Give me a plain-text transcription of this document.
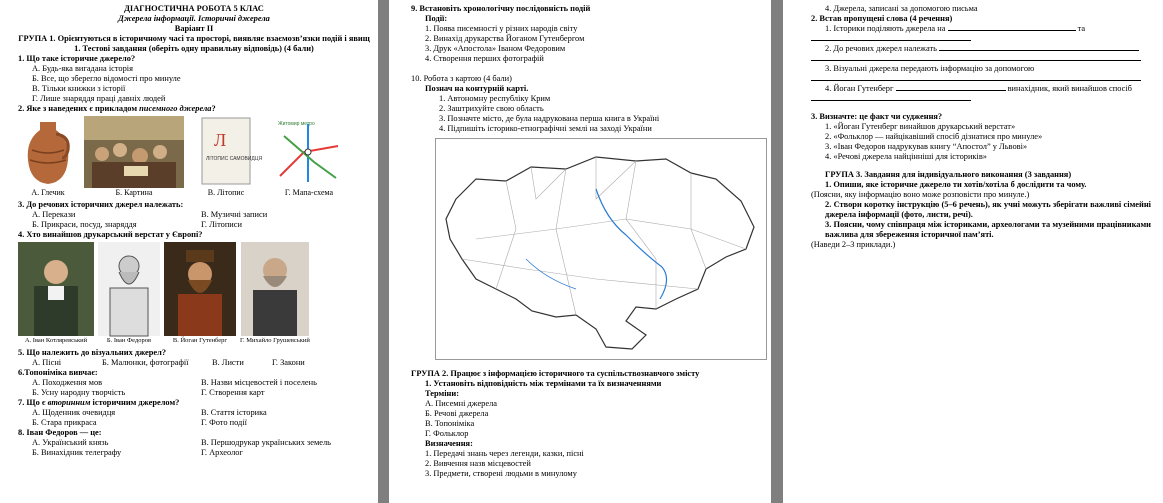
ДІАГНОСТИЧНА РОБОТА 5 КЛАС
Джерела інформації. Історичні джерела
Варіант ІІ
ГРУПА 1. Орієнтуються в історичному часі та просторі, виявляє взаємозв’язки подій і явищ
1. Тестові завдання (оберіть одну правильну відповідь) (4 бали)
1. Що таке історичне джерело?
А. Будь-яка вигадана історія
Б. Все, що зберегло відомості про минуле
В. Тільки книжки з історії
Г. Лише знаряддя праці давніх людей
2. Яке з наведених є прикладом писемного джерела?
А. Глечик	Б. Картина
Л
ЛІТОПИС САМОВИДЦЯ
В. Літопис
Житомир метро
Г. Мапа-схема
3. До речових історичних джерел належать:
А. Перекази	В. Музичні записи
Б. Прикраси, посуд, знаряддя	Г. Літописи
4. Хто винайшов друкарський верстат у Європі?
А. Іван Котляревський	Б. Іван Федоров	В. Йоган Гутенберг Г. Михайло Грушевський
5. Що належить до візуальних джерел?
А. Пісні	Б. Малюнки, фотографії	В. Листи	Г. Закони
6.Топоніміка вивчає:
А. Походження мов	В. Назви місцевостей і поселень
Б. Усну народну творчість	Г. Створення карт
7. Що є вторинним історичним джерелом?
А. Щоденник очевидця	В. Стаття історика
Б. Стара прикраса	Г. Фото події
8. Іван Федоров — це:
А. Український князь	В. Першодрукар українських земель
Б. Винахідник телеграфу	Г. Археолог
9. Встановіть хронологічну послідовність подій
Події:
1. Поява писемності у різних народів світу
2. Винахід друкарства Йоганом Гутенбергом
3. Друк «Апостола» Іваном Федоровим
4. Створення перших фотографій
10. Робота з картою (4 бали)
Познач на контурній карті.
1. Автономну республіку Крим
2. Заштрихуйте свою область
3. Позначте місто, де була надрукована перша книга в Україні
4. Підпишіть історико-етнографічні землі на заході України
ГРУПА 2. Працює з інформацією історичного та суспільствознавчого змісту
1. Установіть відповідність між термінами та їх визначеннями
Терміни:
А. Писемні джерела
Б. Речові джерела
В. Топоніміка
Г. Фольклор
Визначення:
1. Передачі знань через легенди, казки, пісні
2. Вивчення назв місцевостей
3. Предмети, створені людьми в минулому
4. Джерела, записані за допомогою письма
2. Встав пропущені слова (4 речення)
1. Історики поділяють джерела на	та
2. До речових джерел належать
3. Візуальні джерела передають інформацію за допомогою
4. Йоган Гутенберг	винахідник, який винайшов спосіб
3. Визначте: це факт чи судження?
1. «Йоган Гутенберг винайшов друкарський верстат»
2. «Фольклор — найцікавіший спосіб дізнатися про минуле»
3. «Іван Федоров надрукував книгу “Апостол” у Львові»
4. «Речові джерела найцінніші для істориків»
ГРУПА 3. Завдання для індивідуального виконання (3 завдання)
1. Опиши, яке історичне джерело ти хотів/хотіла б дослідити та чому.
(Поясни, яку інформацію воно може розповісти про минуле.)
2. Створи коротку інструкцію (5–6 речень), як учні можуть зберігати важливі сімейні джерела інформації (фото, листи, речі).
3. Поясни, чому співпраця між істориками, археологами та музейними працівниками важлива для збереження історичної пам’яті.
(Наведи 2–3 приклади.)
